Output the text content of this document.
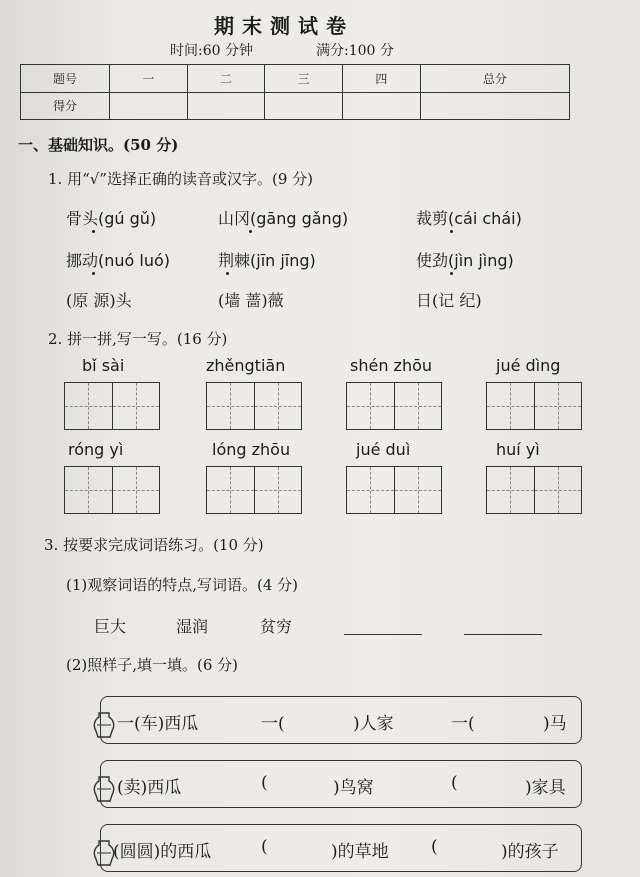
期末测试卷
时间:60 分钟	满分:100 分
题号	一	二	三	四	总分
得分					
一、基础知识。(50 分)
1. 用“√”选择正确的读音或汉字。(9 分)
骨头(gú gǔ)	山冈(gāng gǎng)	裁剪(cái chái)
挪动(nuó luó)	荆棘(jīn jīng)	使劲(jìn jìng)
(原 源)头	(墙 蔷)薇	日(记 纪)
2. 拼一拼,写一写。(16 分)
bǐ sài	zhěngtiān	shén zhōu	jué dìng
róng yì	lóng zhōu	jué duì	huí yì
3. 按要求完成词语练习。(10 分)
(1)观察词语的特点,写词语。(4 分)
巨大	湿润	贫穷
(2)照样子,填一填。(6 分)
一(车)西瓜	一(	)人家	一(	)马
(卖)西瓜	(	)鸟窝	(	)家具
(圆圆)的西瓜	(	)的草地 (	)的孩子
